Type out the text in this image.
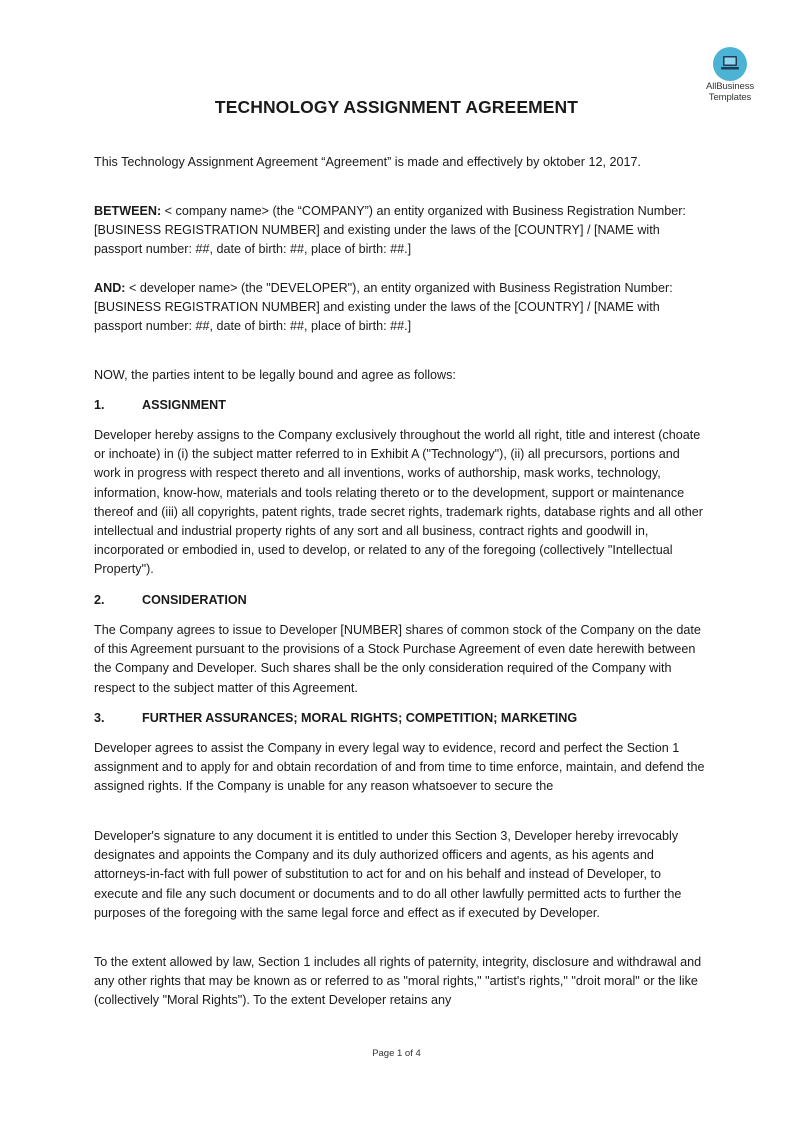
AllBusiness
Templates
TECHNOLOGY ASSIGNMENT AGREEMENT

This Technology Assignment Agreement “Agreement” is made and effectively by oktober 12, 2017.

BETWEEN: < company name> (the “COMPANY”) an entity organized with Business Registration Number: [BUSINESS REGISTRATION NUMBER] and existing under the laws of the [COUNTRY] / [NAME with passport number: ##, date of birth: ##, place of birth: ##.]

AND: < developer name> (the "DEVELOPER"), an entity organized with Business Registration Number: [BUSINESS REGISTRATION NUMBER] and existing under the laws of the [COUNTRY] / [NAME with passport number: ##, date of birth: ##, place of birth: ##.]

NOW, the parties intent to be legally bound and agree as follows:

1.	ASSIGNMENT

Developer hereby assigns to the Company exclusively throughout the world all right, title and interest (choate or inchoate) in (i) the subject matter referred to in Exhibit A ("Technology"), (ii) all precursors, portions and work in progress with respect thereto and all inventions, works of authorship, mask works, technology, information, know-how, materials and tools relating thereto or to the development, support or maintenance thereof and (iii) all copyrights, patent rights, trade secret rights, trademark rights, database rights and all other intellectual and industrial property rights of any sort and all business, contract rights and goodwill in, incorporated or embodied in, used to develop, or related to any of the foregoing (collectively "Intellectual Property").

2.	CONSIDERATION

The Company agrees to issue to Developer [NUMBER] shares of common stock of the Company on the date of this Agreement pursuant to the provisions of a Stock Purchase Agreement of even date herewith between the Company and Developer. Such shares shall be the only consideration required of the Company with respect to the subject matter of this Agreement.

3.	FURTHER ASSURANCES; MORAL RIGHTS; COMPETITION; MARKETING

Developer agrees to assist the Company in every legal way to evidence, record and perfect the Section 1 assignment and to apply for and obtain recordation of and from time to time enforce, maintain, and defend the assigned rights. If the Company is unable for any reason whatsoever to secure the

Developer's signature to any document it is entitled to under this Section 3, Developer hereby irrevocably designates and appoints the Company and its duly authorized officers and agents, as his agents and attorneys-in-fact with full power of substitution to act for and on his behalf and instead of Developer, to execute and file any such document or documents and to do all other lawfully permitted acts to further the purposes of the foregoing with the same legal force and effect as if executed by Developer.

To the extent allowed by law, Section 1 includes all rights of paternity, integrity, disclosure and withdrawal and any other rights that may be known as or referred to as "moral rights," "artist's rights," "droit moral" or the like (collectively "Moral Rights"). To the extent Developer retains any

Page 1 of 4
